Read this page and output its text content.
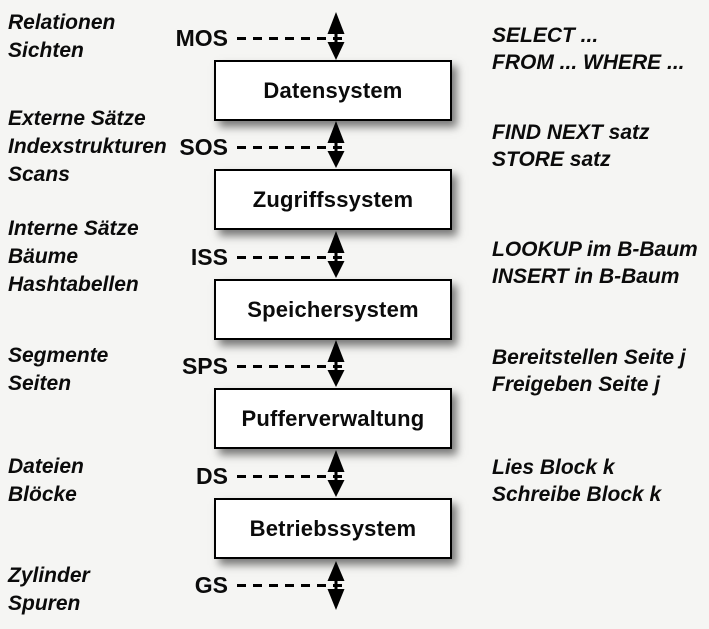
Datensystem
Zugriffssystem
Speichersystem
Pufferverwaltung
Betriebssystem
Relationen
Sichten
SELECT ...
FROM ... WHERE ...
MOS
Externe Sätze
Indexstrukturen
Scans
FIND NEXT satz
STORE satz
SOS
Interne Sätze
Bäume
Hashtabellen
LOOKUP im B-Baum
INSERT in B-Baum
ISS
Segmente
Seiten
Bereitstellen Seite j
Freigeben Seite j
SPS
Dateien
Blöcke
Lies Block k
Schreibe Block k
DS
Zylinder
Spuren
GS
